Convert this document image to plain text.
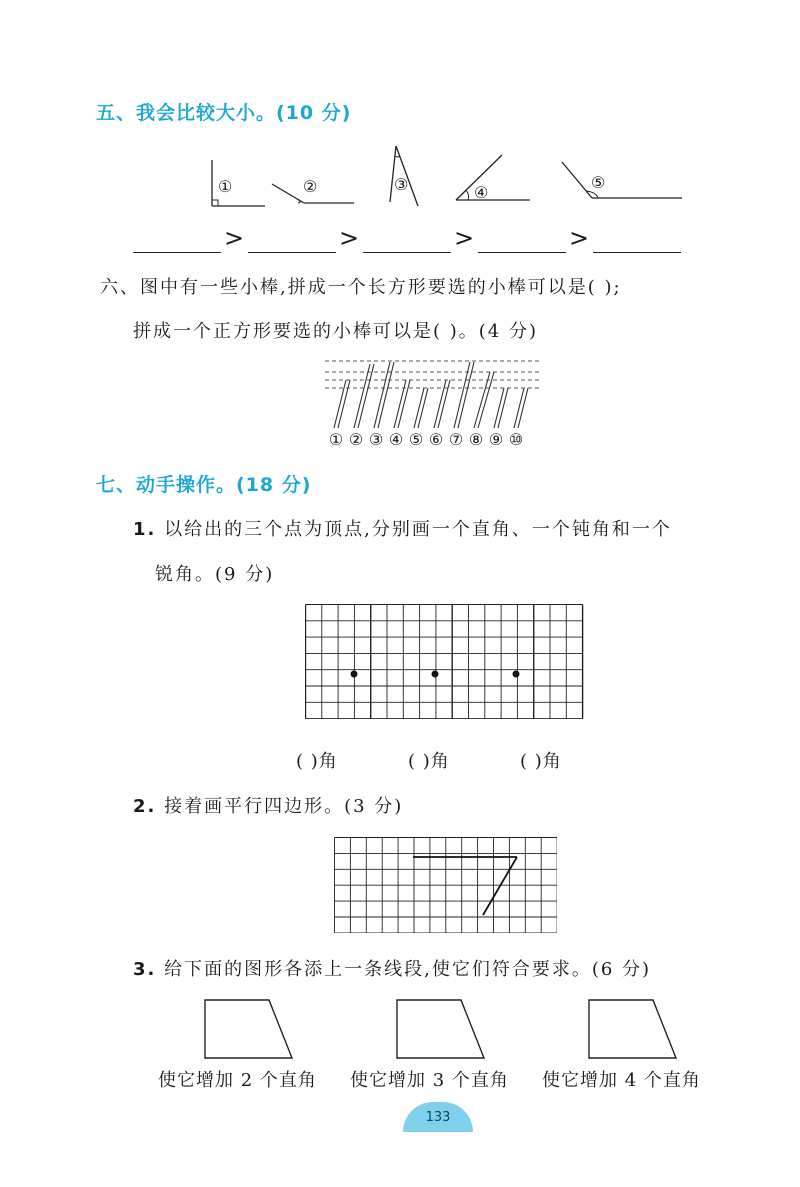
五、我会比较大小。(10 分)
①	②	③	④
⑤
>	>	>	>
六、图中有一些小棒,拼成一个长方形要选的小棒可以是( );
拼成一个正方形要选的小棒可以是( )。(4 分)
① ② ③ ④ ⑤ ⑥ ⑦ ⑧ ⑨ ⑩
七、动手操作。(18 分)
1. 以给出的三个点为顶点,分别画一个直角、一个钝角和一个
锐角。(9 分)
( )角	( )角	( )角
2. 接着画平行四边形。(3 分)
3. 给下面的图形各添上一条线段,使它们符合要求。(6 分)
使它增加 2 个直角 使它增加 3 个直角 使它增加 4 个直角
133
